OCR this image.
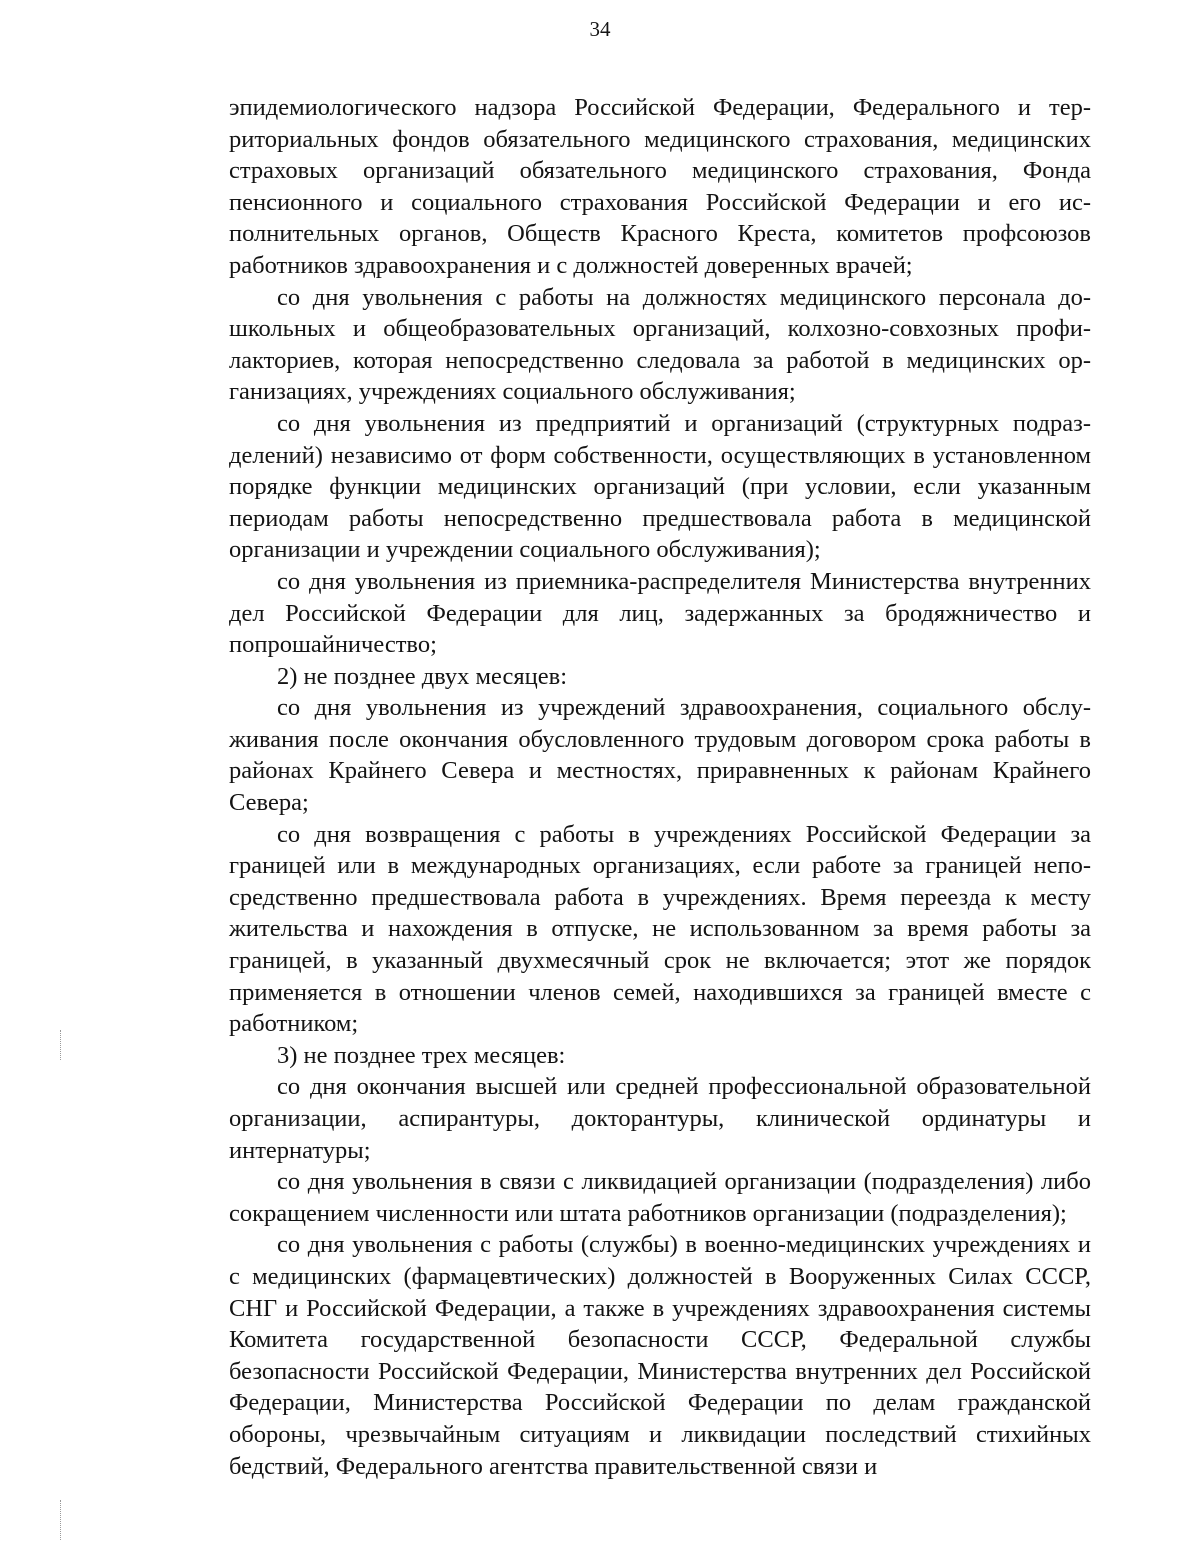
34

эпидемиологического надзора Российской Федерации, Федерального и территориальных фондов обязательного медицинского страхования, медицинских страховых организаций обязательного медицинского страхования, Фонда пенсионного и социального страхования Российской Федерации и его исполнительных органов, Обществ Красного Креста, комитетов профсоюзов работников здравоохранения и с должностей доверенных врачей;

со дня увольнения с работы на должностях медицинского персонала дошкольных и общеобразовательных организаций, колхозно-совхозных профилакториев, которая непосредственно следовала за работой в медицинских организациях, учреждениях социального обслуживания;

со дня увольнения из предприятий и организаций (структурных подразделений) независимо от форм собственности, осуществляющих в установленном порядке функции медицинских организаций (при условии, если указанным периодам работы непосредственно предшествовала работа в медицинской организации и учреждении социального обслуживания);

со дня увольнения из приемника-распределителя Министерства внутренних дел Российской Федерации для лиц, задержанных за бродяжничество и попрошайничество;

2) не позднее двух месяцев:

со дня увольнения из учреждений здравоохранения, социального обслуживания после окончания обусловленного трудовым договором срока работы в районах Крайнего Севера и местностях, приравненных к районам Крайнего Севера;

со дня возвращения с работы в учреждениях Российской Федерации за границей или в международных организациях, если работе за границей непосредственно предшествовала работа в учреждениях. Время переезда к месту жительства и нахождения в отпуске, не использованном за время работы за границей, в указанный двухмесячный срок не включается; этот же порядок применяется в отношении членов семей, находившихся за границей вместе с работником;

3) не позднее трех месяцев:

со дня окончания высшей или средней профессиональной образовательной организации, аспирантуры, докторантуры, клинической ординатуры и интернатуры;

со дня увольнения в связи с ликвидацией организации (подразделения) либо сокращением численности или штата работников организации (подразделения);

со дня увольнения с работы (службы) в военно-медицинских учреждениях и с медицинских (фармацевтических) должностей в Вооруженных Силах СССР, СНГ и Российской Федерации, а также в учреждениях здравоохранения системы Комитета государственной безопасности СССР, Федеральной службы безопасности Российской Федерации, Министерства внутренних дел Российской Федерации, Министерства Российской Федерации по делам гражданской обороны, чрезвычайным ситуациям и ликвидации последствий стихийных бедствий, Федерального агентства правительственной связи и
